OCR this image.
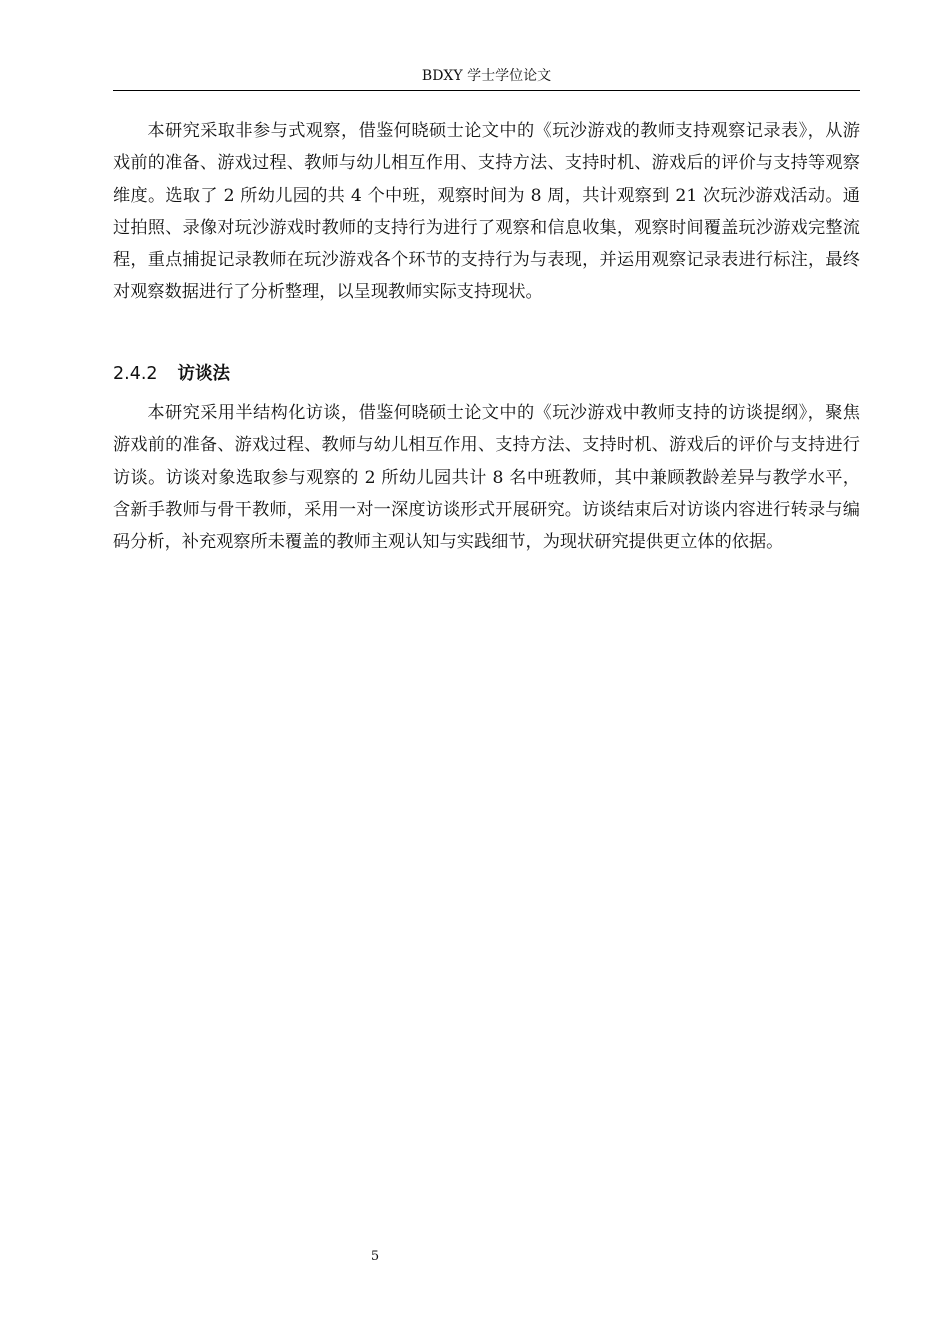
BDXY 学士学位论文

本研究采取非参与式观察，借鉴何晓硕士论文中的《玩沙游戏的教师支持观察记录表》，从游戏前的准备、游戏过程、教师与幼儿相互作用、支持方法、支持时机、游戏后的评价与支持等观察维度。选取了 2 所幼儿园的共 4 个中班，观察时间为 8 周，共计观察到 21 次玩沙游戏活动。通过拍照、录像对玩沙游戏时教师的支持行为进行了观察和信息收集，观察时间覆盖玩沙游戏完整流程，重点捕捉记录教师在玩沙游戏各个环节的支持行为与表现，并运用观察记录表进行标注，最终对观察数据进行了分析整理，以呈现教师实际支持现状。

2.4.2 访谈法

本研究采用半结构化访谈，借鉴何晓硕士论文中的《玩沙游戏中教师支持的访谈提纲》，聚焦游戏前的准备、游戏过程、教师与幼儿相互作用、支持方法、支持时机、游戏后的评价与支持进行访谈。访谈对象选取参与观察的 2 所幼儿园共计 8 名中班教师，其中兼顾教龄差异与教学水平，含新手教师与骨干教师，采用一对一深度访谈形式开展研究。访谈结束后对访谈内容进行转录与编码分析，补充观察所未覆盖的教师主观认知与实践细节，为现状研究提供更立体的依据。

5
